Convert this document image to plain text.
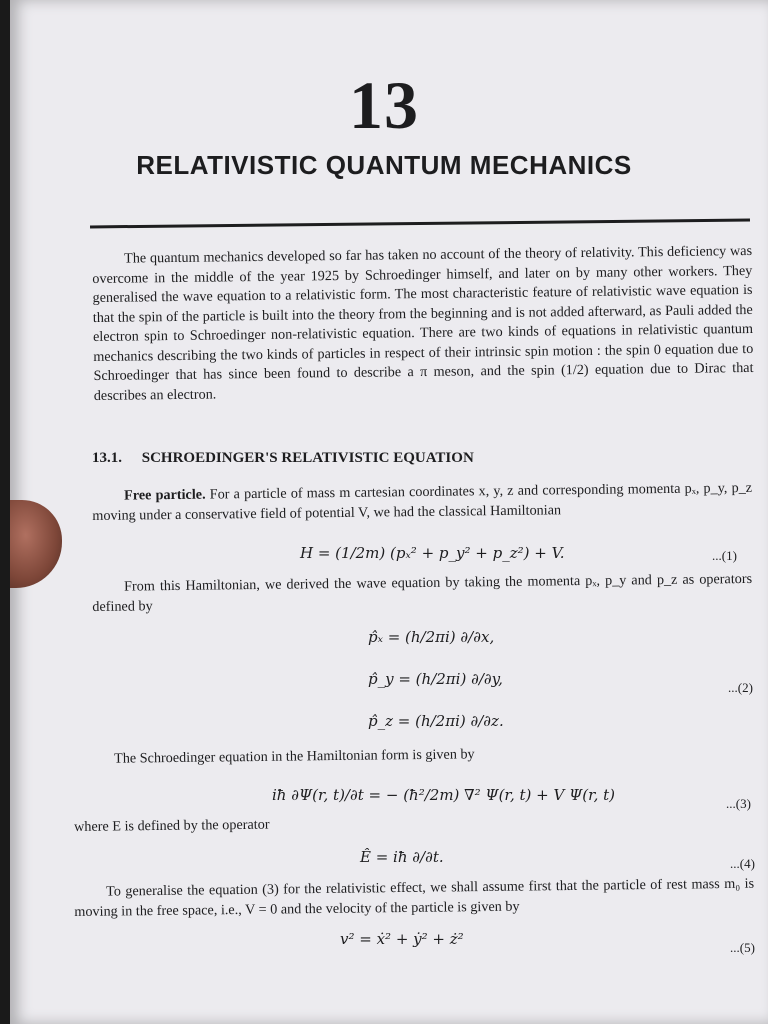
13
RELATIVISTIC QUANTUM MECHANICS
The quantum mechanics developed so far has taken no account of the theory of relativity. This deficiency was overcome in the middle of the year 1925 by Schroedinger himself, and later on by many other workers. They generalised the wave equation to a relativistic form. The most characteristic feature of relativistic wave equation is that the spin of the particle is built into the theory from the beginning and is not added afterward, as Pauli added the electron spin to Schroedinger non-relativistic equation. There are two kinds of equations in relativistic quantum mechanics describing the two kinds of particles in respect of their intrinsic spin motion : the spin 0 equation due to Schroedinger that has since been found to describe a π meson, and the spin (1/2) equation due to Dirac that describes an electron.
13.1. SCHROEDINGER'S RELATIVISTIC EQUATION
Free particle. For a particle of mass m cartesian coordinates x, y, z and corresponding momenta pₓ, p_y, p_z moving under a conservative field of potential V, we had the classical Hamiltonian
H = (1/2m) (pₓ² + p_y² + p_z²) + V.	...(1)
From this Hamiltonian, we derived the wave equation by taking the momenta pₓ, p_y and p_z as operators defined by
p̂ₓ = (h/2πi) ∂/∂x,
p̂_y = (h/2πi) ∂/∂y,
p̂_z = (h/2πi) ∂/∂z.
...(2)
The Schroedinger equation in the Hamiltonian form is given by
iħ ∂Ψ(r, t)/∂t = − (ħ²/2m) ∇² Ψ(r, t) + V Ψ(r, t)	...(3)
where E is defined by the operator
Ê = iħ ∂/∂t.	...(4)
To generalise the equation (3) for the relativistic effect, we shall assume first that the particle of rest mass m₀ is moving in the free space, i.e., V = 0 and the velocity of the particle is given by
v² = ẋ² + ẏ² + ż²	...(5)
